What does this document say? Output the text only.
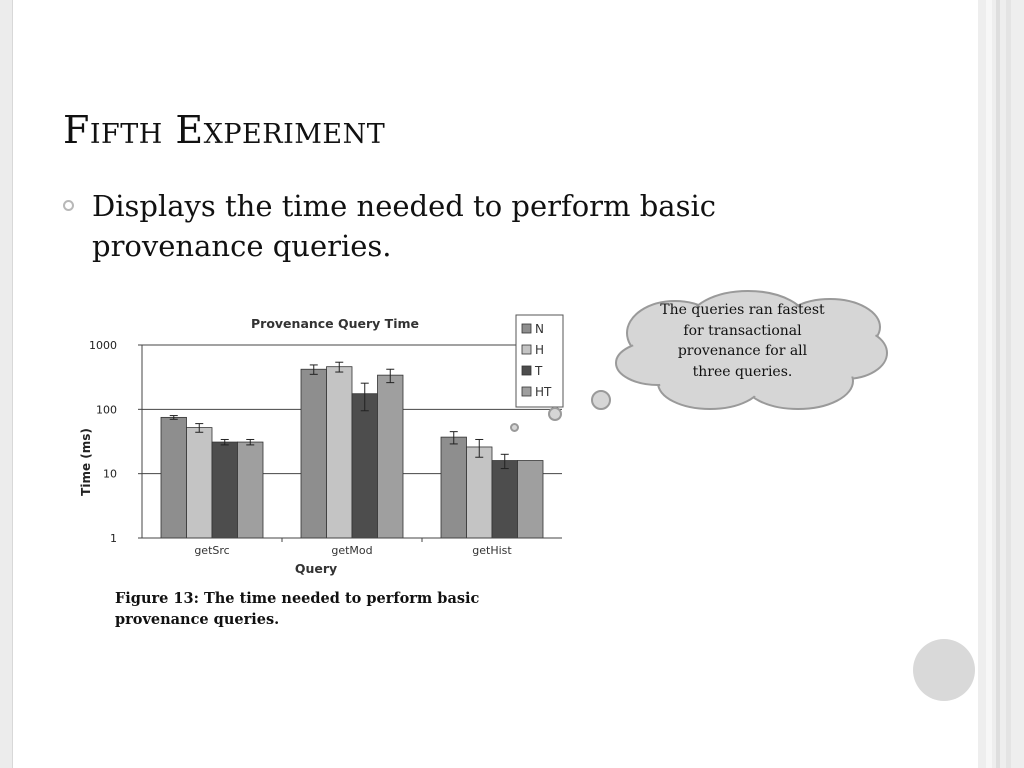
Fifth Experiment

Displays the time needed to perform basic provenance queries.

Provenance Query Time
1
10
100
1000
getSrc	getMod	getHist
Time (ms)
Query
N
H
T
HT

Figure 13: The time needed to perform basic provenance queries.

The queries ran fastest for transactional provenance for all three queries.
